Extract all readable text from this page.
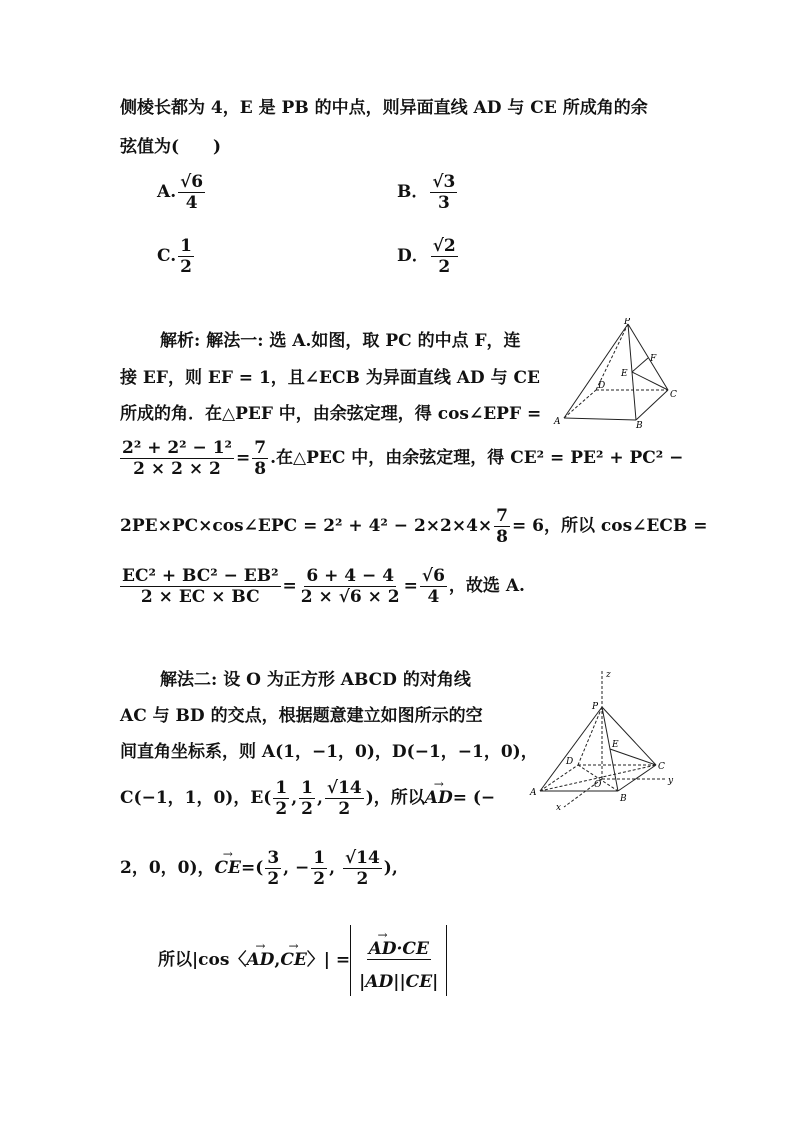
侧棱长都为 4，E 是 PB 的中点，则异面直线 AD 与 CE 所成角的余
弦值为(　　)
A. $\frac{√6}{4}$	B． $\frac{√3}{3}$
C. $\frac{1}{2}$	D． $\frac{√2}{2}$
解析: 解法一: 选 A.如图，取 PC 的中点 F，连
接 EF，则 EF = 1，且∠ECB 为异面直线 AD 与 CE
所成的角．在△PEF 中，由余弦定理，得 cos∠EPF =
$\frac{\text{2² + 2² − 1²}}{2 \times 2 \times 2} = \frac{7}{8}$ .在△PEC 中，由余弦定理，得 CE² = PE² + PC² −
2PE×PC×cos∠EPC = $2^2 + 4^2 - 2\times 2\times 4\times \frac{7}{8} = 6$，所以 cos∠ECB =
$\frac{\text{EC² + BC² − EB²}}{2 \times EC \times BC} = \frac{6 + 4 - 4}{2 \times √6 \times 2} = \frac{√6}{4}$ ，故选 A.
P
F
E
D
C
A	B
解法二: 设 O 为正方形 ABCD 的对角线
AC 与 BD 的交点，根据题意建立如图所示的空
间直角坐标系，则 A(1，−1，0)，D(−1，−1，0)，
C(−1，1，0)，$E( \frac{1}{2}$ , $\frac{1}{2}$ , $\frac{√14}{2}$ )，所以→ AD= (−
2，0，0)，→ $CE=( \frac{3}{2}$ , − $\frac{1}{2}$ , $\frac{√14}{2}$ ),
所以|cos〈→ AD,→ CE〉| =
→ $\frac{AD\cdot CE}{|AD||CE|}$
z
P
E
D
O
C
y
A
B
x
